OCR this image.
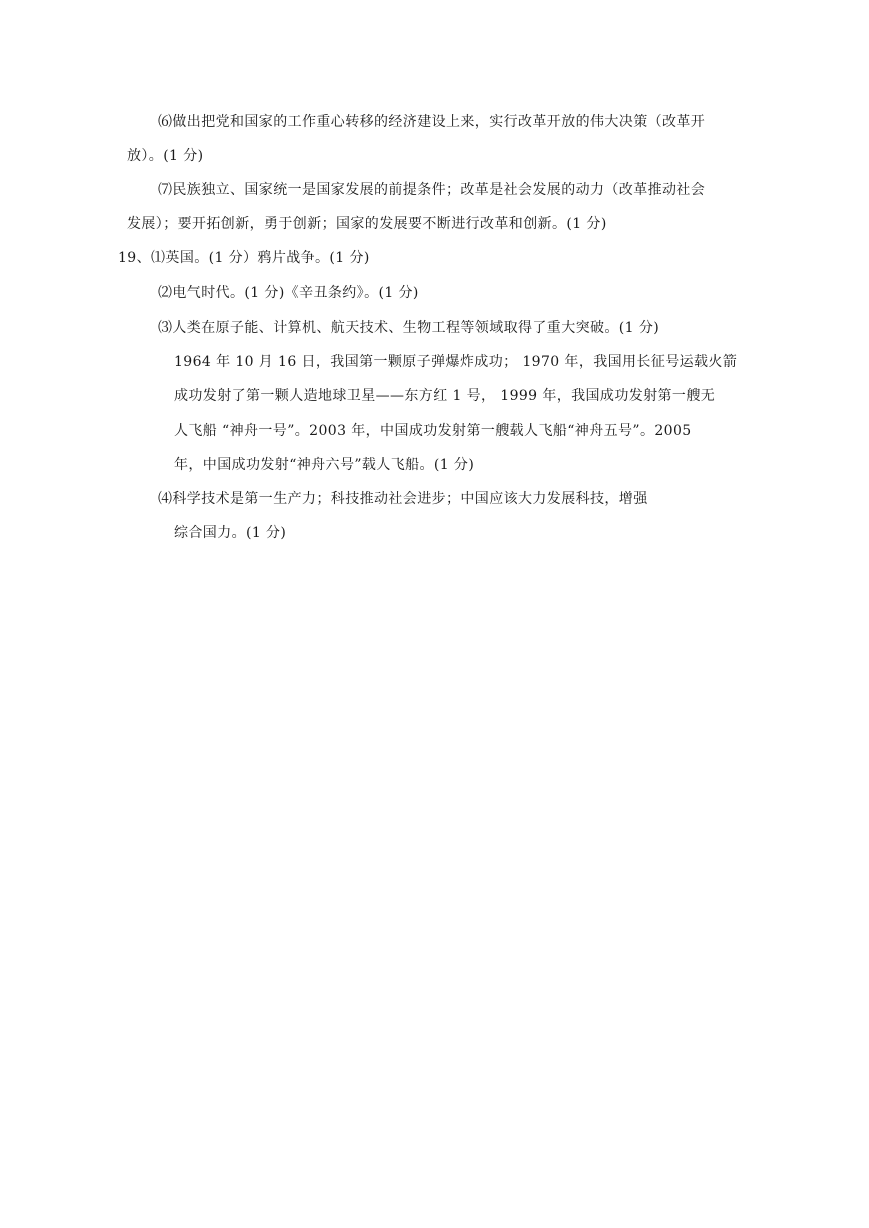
⑹做出把党和国家的工作重心转移的经济建设上来，实行改革开放的伟大决策（改革开
放）。(1 分)
⑺民族独立、国家统一是国家发展的前提条件；改革是社会发展的动力（改革推动社会
发展）；要开拓创新，勇于创新；国家的发展要不断进行改革和创新。(1 分)
19、⑴英国。(1 分）鸦片战争。(1 分)
⑵电气时代。(1 分)《辛丑条约》。(1 分)
⑶人类在原子能、计算机、航天技术、生物工程等领域取得了重大突破。(1 分)
1964 年 10 月 16 日，我国第一颗原子弹爆炸成功； 1970 年，我国用长征号运载火箭
成功发射了第一颗人造地球卫星——东方红 1 号， 1999 年，我国成功发射第一艘无
人飞船 “神舟一号”。2003 年，中国成功发射第一艘载人飞船“神舟五号”。2005
年，中国成功发射“神舟六号”载人飞船。(1 分)
⑷科学技术是第一生产力；科技推动社会进步；中国应该大力发展科技，增强
综合国力。(1 分)
